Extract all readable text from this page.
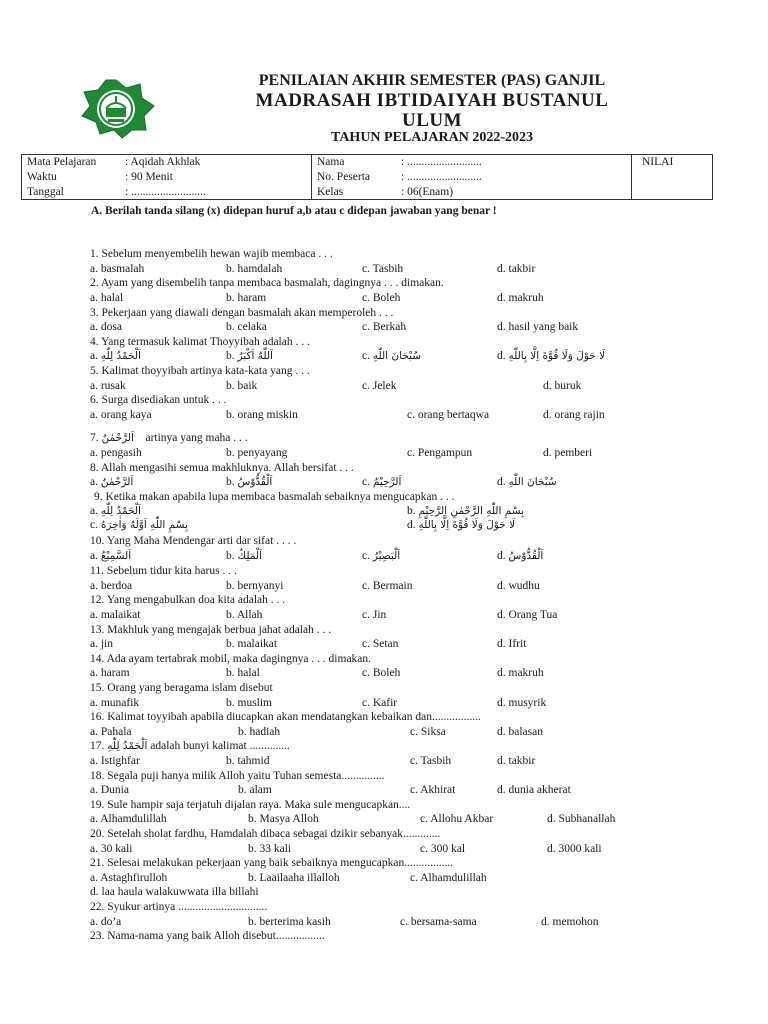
PENILAIAN AKHIR SEMESTER (PAS) GANJIL
MADRASAH IBTIDAIYAH BUSTANUL
ULUM
TAHUN PELAJARAN 2022-2023
Mata Pelajaran : Aqidah Akhlak
Waktu	: 90 Menit
Tanggal	: ..........................
Nama	: ..........................
No. Peserta	: ..........................
Kelas	: 06(Enam)
NILAI
A. Berilah tanda silang (x) didepan huruf a,b atau c didepan jawaban yang benar !
1. Sebelum menyembelih hewan wajib membaca . . .
a. basmalah	b. hamdalah	c. Tasbih	d. takbir
2. Ayam yang disembelih tanpa membaca basmalah, dagingnya . . . dimakan.
a. halal	b. haram	c. Boleh	d. makruh
3. Pekerjaan yang diawali dengan basmalah akan memperoleh . . .
a. dosa	b. celaka	c. Berkah	d. hasil yang baik
4. Yang termasuk kalimat Thoyyibah adalah . . .
a. اَلْحَمْدُ لِلّٰهِ	b. اَللّٰهُ اَكْبَرُ	c. سُبْحَانَ اللّٰهِ	d. لَا حَوْلَ وَلَا قُوَّةَ اِلَّا بِاللّٰهِ
5. Kalimat thoyyibah artinya kata-kata yang . . .
a. rusak	b. baik	c. Jelek	d. buruk
6. Surga disediakan untuk . . .
a. orang kaya	b. orang miskin	c. orang bertaqwa	d. orang rajin
7. اَلرَّحْمٰنُ artinya yang maha . . .
a. pengasih	b. penyayang	c. Pengampun	d. pemberi
8. Allah mengasihi semua makhluknya. Allah bersifat . . .
a. اَلرَّحْمٰنُ	b. اَلْقُدُّوْسُ	c. اَلرَّحِيْمُ	d. سُبْحَانَ اللّٰهِ
9. Ketika makan apabila lupa membaca basmalah sebaiknya mengucapkan . . .
a. اَلْحَمْدُ لِلّٰهِ	b. بِسْمِ اللّٰهِ الرَّحْمٰنِ الرَّحِيْمِ
c. بِسْمِ اللّٰهِ اَوَّلَهُ وَاٰخِرَهُ	d. لَا حَوْلَ وَلَا قُوَّةَ اِلَّا بِاللّٰهِ
10. Yang Maha Mendengar arti dar sifat . . . .
a. اَلسَّمِيْعُ	b. اَلْمَلِكُ	c. اَلْبَصِيْرُ	d. اَلْقُدُّوْسُ
11. Sebelum tidur kita harus . . .
a. berdoa	b. bernyanyi	c. Bermain	d. wudhu
12. Yang mengabulkan doa kita adalah . . .
a. malaikat	b. Allah	c. Jin	d. Orang Tua
13. Makhluk yang mengajak berbua jahat adalah . . .
a. jin	b. malaikat	c. Setan	d. Ifrit
14. Ada ayam tertabrak mobil, maka dagingnya . . . dimakan.
a. haram	b. halal	c. Boleh	d. makruh
15. Orang yang beragama islam disebut
a. munafik	b. muslim	c. Kafir	d. musyrik
16. Kalimat toyyibah apabila diucapkan akan mendatangkan kebaikan dan.................
a. Pahala	b. hadiah	c. Siksa	d. balasan
17. اَلْحَمْدُ لِلّٰهِ adalah bunyi kalimat ..............
a. Istighfar	b. tahmid	c. Tasbih	d. takbir
18. Segala puji hanya milik Alloh yaitu Tuhan semesta...............
a. Dunia	b. alam	c. Akhirat	d. dunia akherat
19. Sule hampir saja terjatuh dijalan raya. Maka sule mengucapkan....
a. Alhamdulillah	b. Masya Alloh	c. Allohu Akbar	d. Subhanallah
20. Setelah sholat fardhu, Hamdalah dibaca sebagai dzikir sebanyak.............
a. 30 kali	b. 33 kali	c. 300 kal	d. 3000 kali
21. Selesai melakukan pekerjaan yang baik sebaiknya mengucapkan.................
a. Astaghfirulloh	b. Laailaaha illalloh	c. Alhamdulillah
d. laa haula walakuwwata illa billahi
22. Syukur artinya ...............................
a. do’a	b. berterima kasih	c. bersama-sama	d. memohon
23. Nama-nama yang baik Alloh disebut.................
